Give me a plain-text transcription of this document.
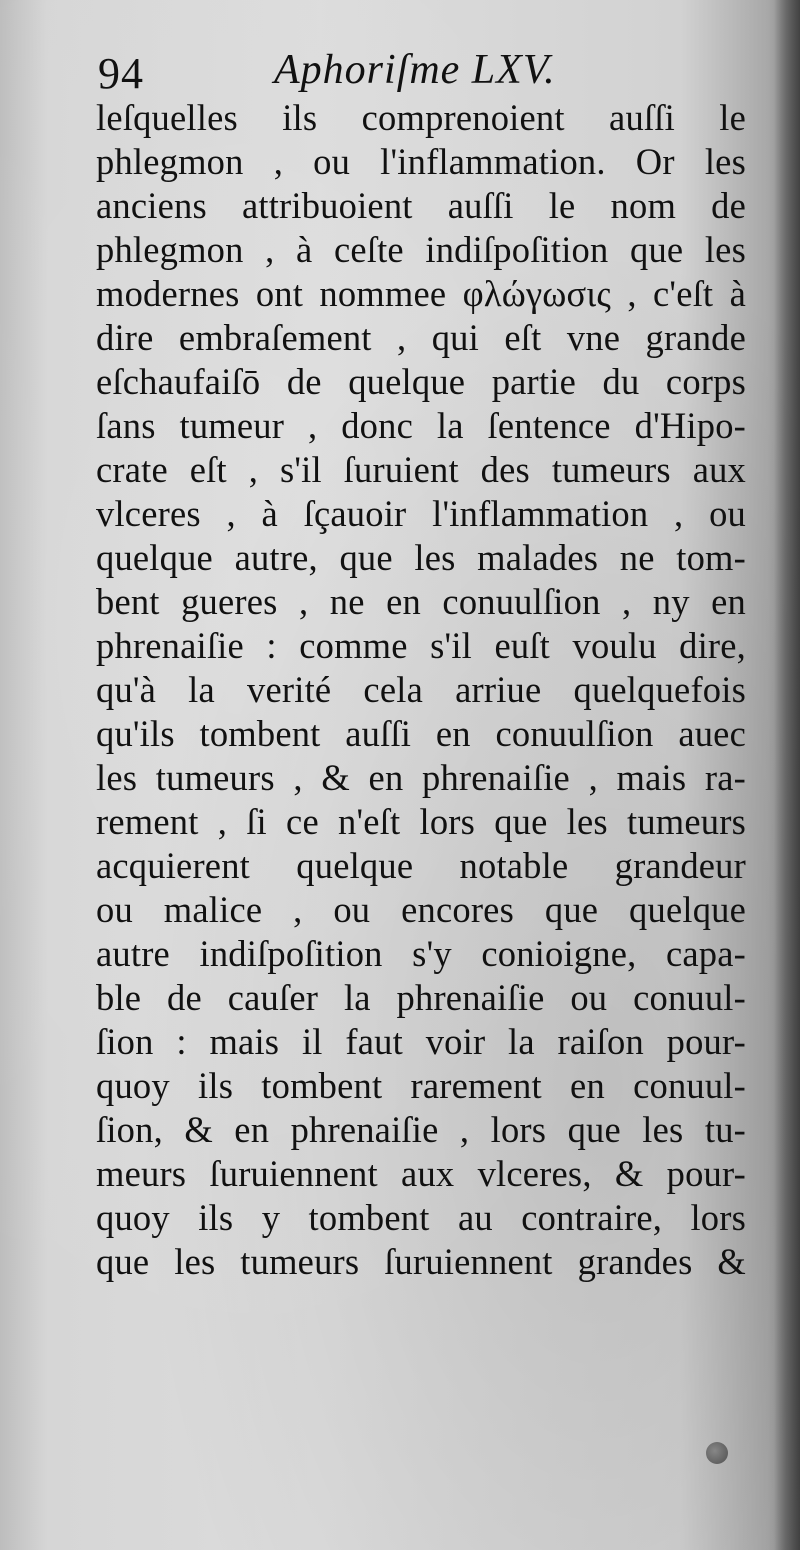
94	Aphoriſme LXV.
leſquelles ils comprenoient auſſi le
phlegmon , ou l'inflammation. Or les
anciens attribuoient auſſi le nom de
phlegmon , à ceſte indiſpoſition que les
modernes ont nommee φλώγωσις , c'eſt à
dire embraſement , qui eſt vne grande
eſchaufaiſō de quelque partie du corps
ſans tumeur , donc la ſentence d'Hipo-
crate eſt , s'il ſuruient des tumeurs aux
vlceres , à ſçauoir l'inflammation , ou
quelque autre, que les malades ne tom-
bent gueres , ne en conuulſion , ny en
phrenaiſie : comme s'il euſt voulu dire,
qu'à la verité cela arriue quelquefois
qu'ils tombent auſſi en conuulſion auec
les tumeurs , & en phrenaiſie , mais ra-
rement , ſi ce n'eſt lors que les tumeurs
acquierent quelque notable grandeur
ou malice , ou encores que quelque
autre indiſpoſition s'y conioigne, capa-
ble de cauſer la phrenaiſie ou conuul-
ſion : mais il faut voir la raiſon pour-
quoy ils tombent rarement en conuul-
ſion, & en phrenaiſie , lors que les tu-
meurs ſuruiennent aux vlceres, & pour-
quoy ils y tombent au contraire, lors
que les tumeurs ſuruiennent grandes &
